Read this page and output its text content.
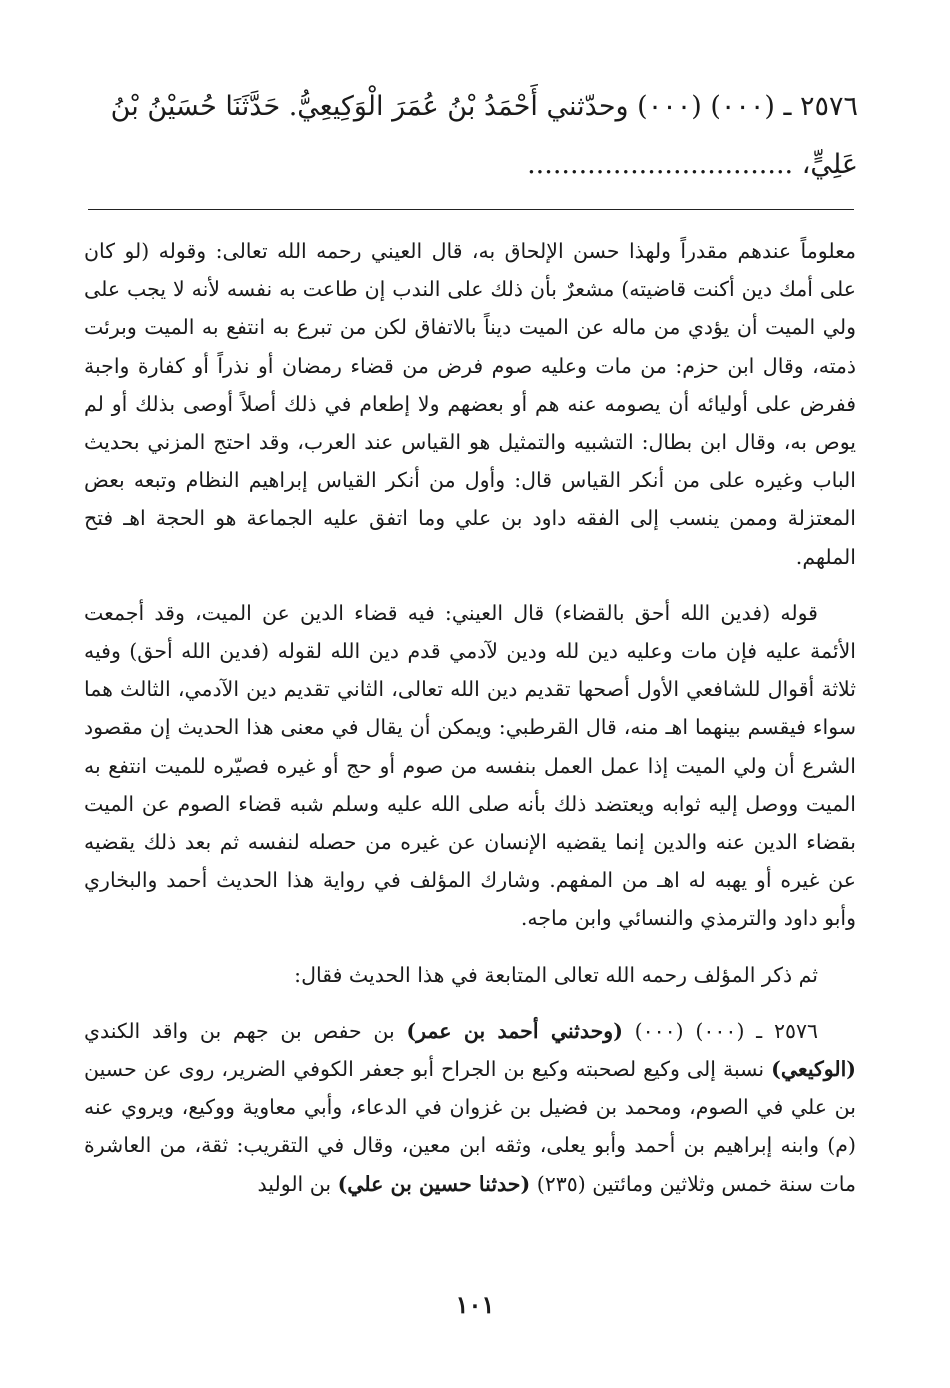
٢٥٧٦ ـ (٠٠٠) (٠٠٠) وحدّثني أَحْمَدُ بْنُ عُمَرَ الْوَكِيعِيُّ. حَدَّثَنَا حُسَيْنُ بْنُ

عَلِيٍّ، ...............................

معلوماً عندهم مقدراً ولهذا حسن الإلحاق به، قال العيني رحمه الله تعالى: وقوله (لو كان على أمك دين أكنت قاضيته) مشعرٌ بأن ذلك على الندب إن طاعت به نفسه لأنه لا يجب على ولي الميت أن يؤدي من ماله عن الميت ديناً بالاتفاق لكن من تبرع به انتفع به الميت وبرئت ذمته، وقال ابن حزم: من مات وعليه صوم فرض من قضاء رمضان أو نذراً أو كفارة واجبة ففرض على أوليائه أن يصومه عنه هم أو بعضهم ولا إطعام في ذلك أصلاً أوصى بذلك أو لم يوص به، وقال ابن بطال: التشبيه والتمثيل هو القياس عند العرب، وقد احتج المزني بحديث الباب وغيره على من أنكر القياس قال: وأول من أنكر القياس إبراهيم النظام وتبعه بعض المعتزلة وممن ينسب إلى الفقه داود بن علي وما اتفق عليه الجماعة هو الحجة اهـ فتح الملهم.

قوله (فدين الله أحق بالقضاء) قال العيني: فيه قضاء الدين عن الميت، وقد أجمعت الأئمة عليه فإن مات وعليه دين لله ودين لآدمي قدم دين الله لقوله (فدين الله أحق) وفيه ثلاثة أقوال للشافعي الأول أصحها تقديم دين الله تعالى، الثاني تقديم دين الآدمي، الثالث هما سواء فيقسم بينهما اهـ منه، قال القرطبي: ويمكن أن يقال في معنى هذا الحديث إن مقصود الشرع أن ولي الميت إذا عمل العمل بنفسه من صوم أو حج أو غيره فصيّره للميت انتفع به الميت ووصل إليه ثوابه ويعتضد ذلك بأنه صلى الله عليه وسلم شبه قضاء الصوم عن الميت بقضاء الدين عنه والدين إنما يقضيه الإنسان عن غيره من حصله لنفسه ثم بعد ذلك يقضيه عن غيره أو يهبه له اهـ من المفهم. وشارك المؤلف في رواية هذا الحديث أحمد والبخاري وأبو داود والترمذي والنسائي وابن ماجه.

ثم ذكر المؤلف رحمه الله تعالى المتابعة في هذا الحديث فقال:

٢٥٧٦ ـ (٠٠٠) (٠٠٠) (وحدثني أحمد بن عمر) بن حفص بن جهم بن واقد الكندي (الوكيعي) نسبة إلى وكيع لصحبته وكيع بن الجراح أبو جعفر الكوفي الضرير، روى عن حسين بن علي في الصوم، ومحمد بن فضيل بن غزوان في الدعاء، وأبي معاوية ووكيع، ويروي عنه (م) وابنه إبراهيم بن أحمد وأبو يعلى، وثقه ابن معين، وقال في التقريب: ثقة، من العاشرة مات سنة خمس وثلاثين ومائتين (٢٣٥) (حدثنا حسين بن علي) بن الوليد

١٠١
